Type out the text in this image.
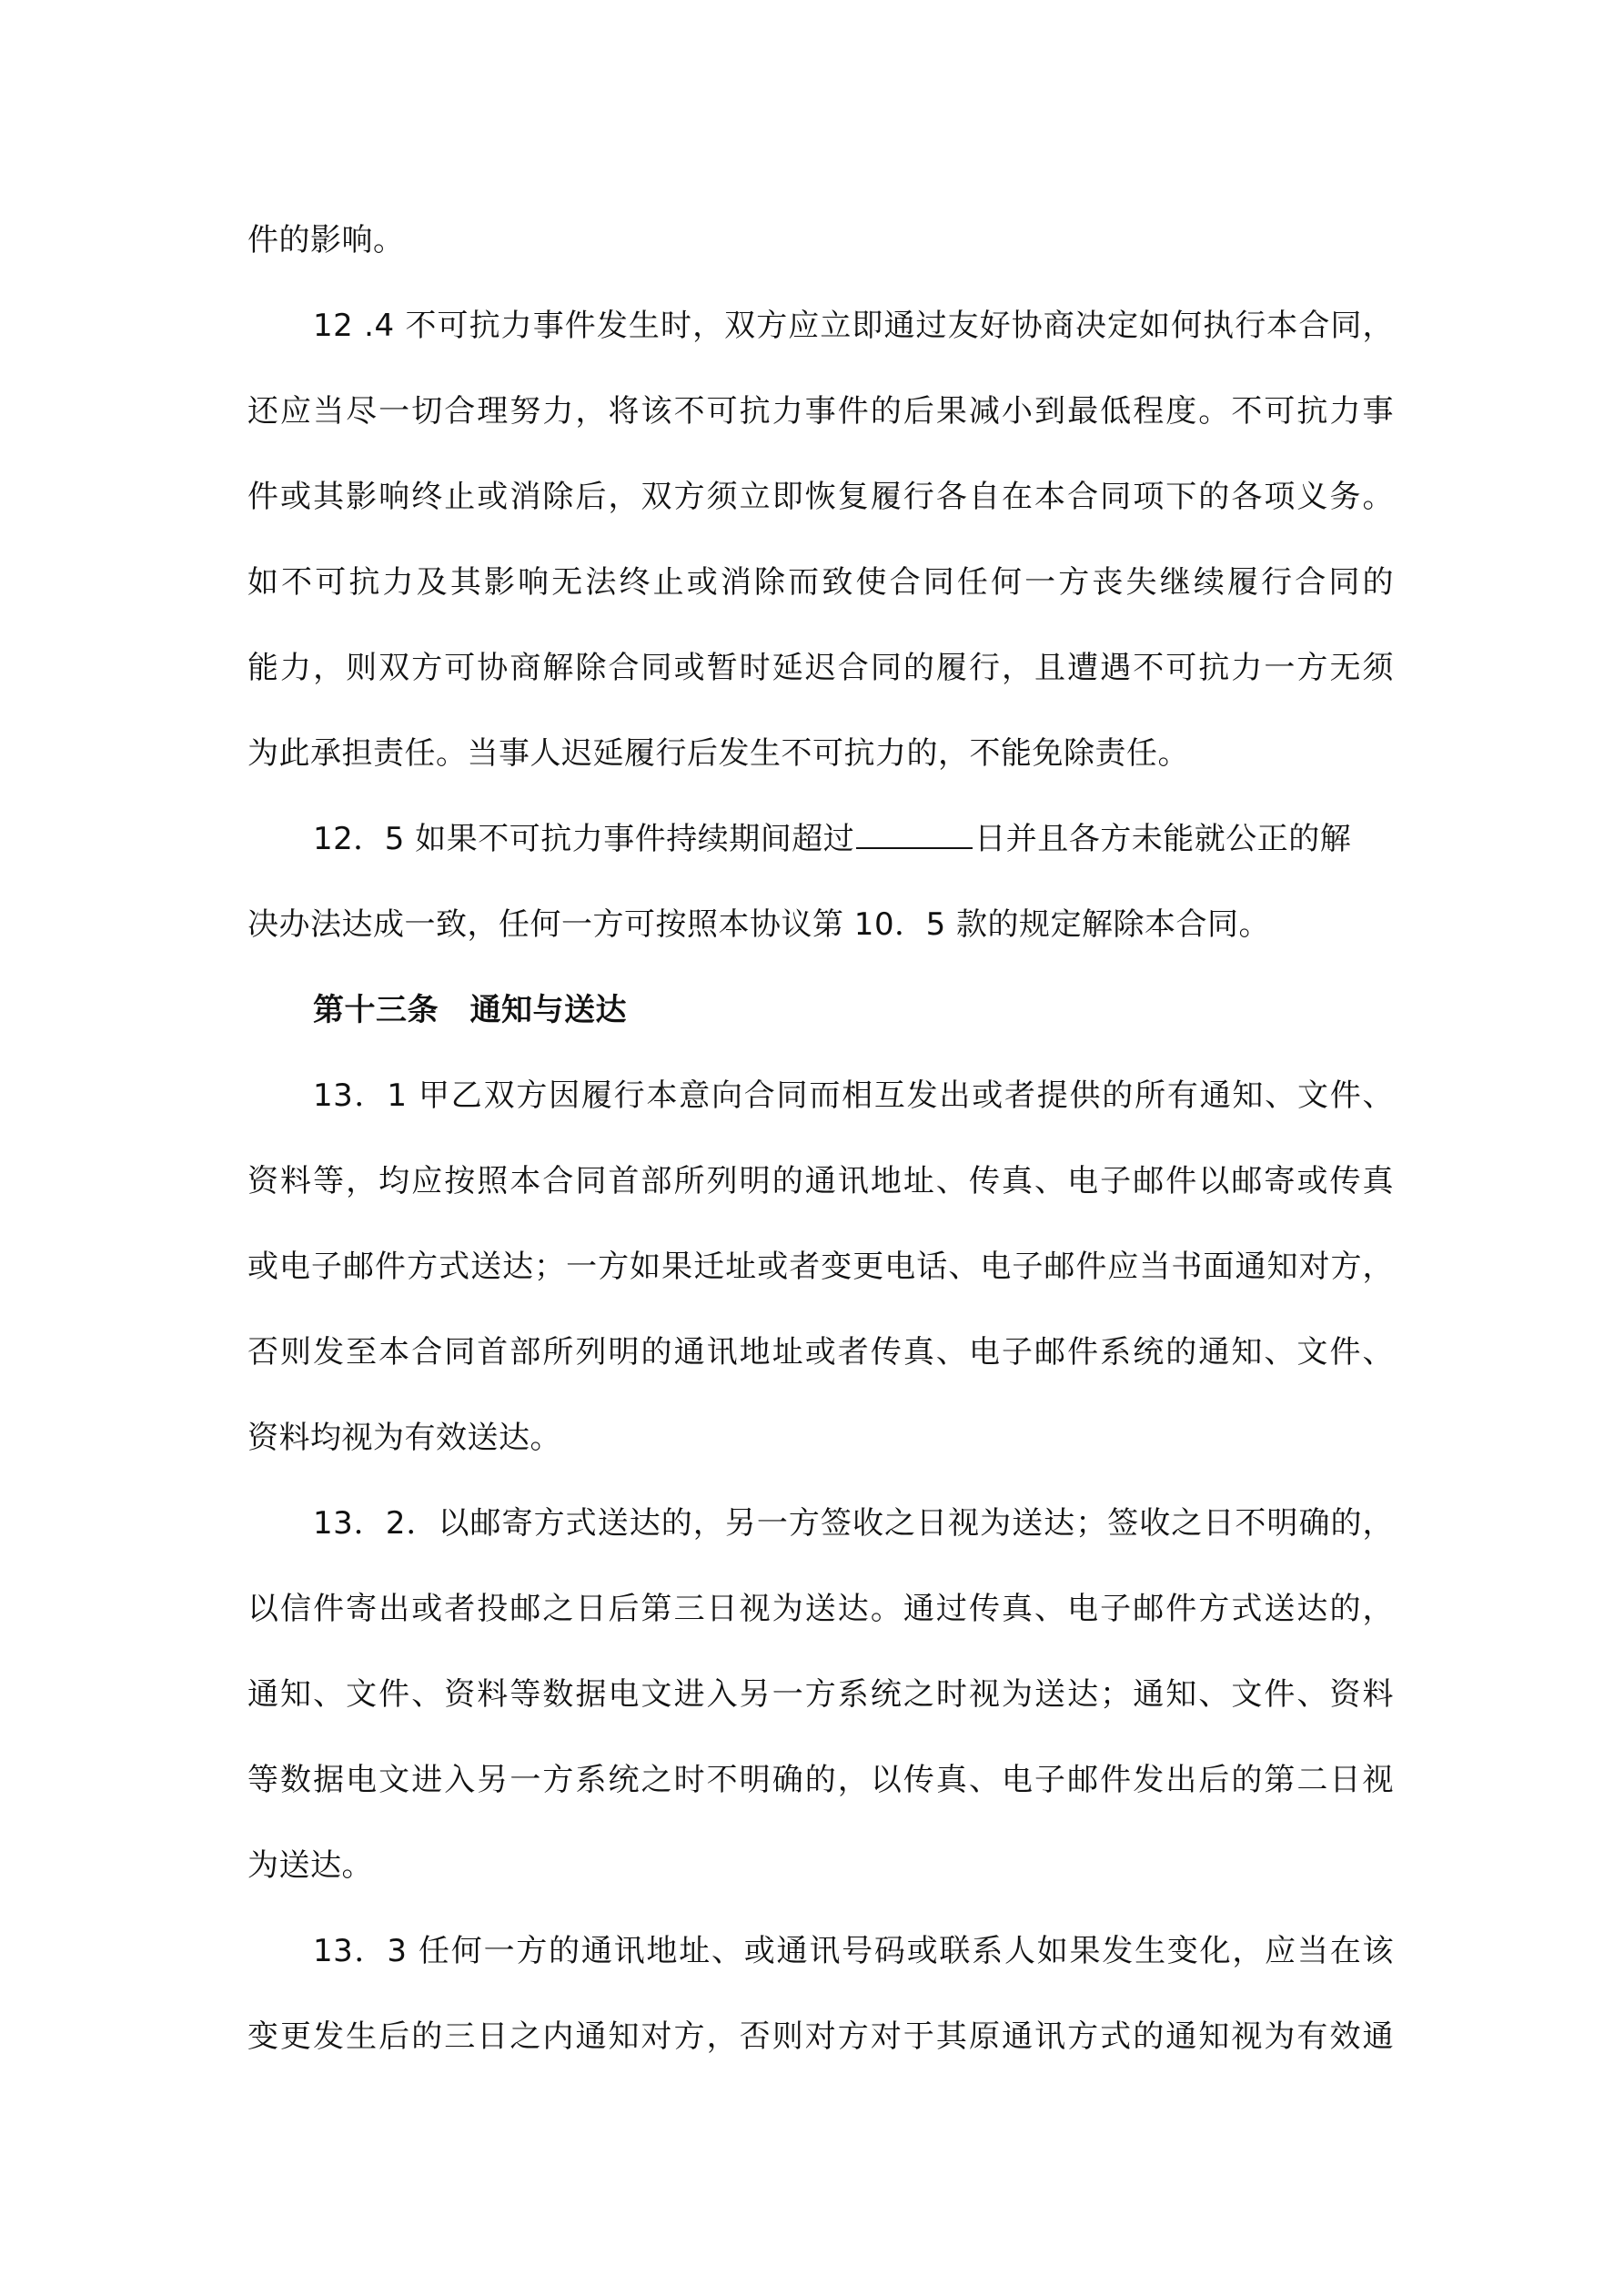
件的影响。
12 .4 不可抗力事件发生时，双方应立即通过友好协商决定如何执行本合同，
还应当尽一切合理努力，将该不可抗力事件的后果减小到最低程度。不可抗力事
件或其影响终止或消除后，双方须立即恢复履行各自在本合同项下的各项义务。
如不可抗力及其影响无法终止或消除而致使合同任何一方丧失继续履行合同的
能力，则双方可协商解除合同或暂时延迟合同的履行，且遭遇不可抗力一方无须
为此承担责任。当事人迟延履行后发生不可抗力的，不能免除责任。
12．5 如果不可抗力事件持续期间超过	日并且各方未能就公正的解
决办法达成一致，任何一方可按照本协议第 10．5 款的规定解除本合同。
第十三条　通知与送达
13．1 甲乙双方因履行本意向合同而相互发出或者提供的所有通知、文件、
资料等，均应按照本合同首部所列明的通讯地址、传真、电子邮件以邮寄或传真
或电子邮件方式送达；一方如果迁址或者变更电话、电子邮件应当书面通知对方，
否则发至本合同首部所列明的通讯地址或者传真、电子邮件系统的通知、文件、
资料均视为有效送达。
13．2．以邮寄方式送达的，另一方签收之日视为送达；签收之日不明确的，
以信件寄出或者投邮之日后第三日视为送达。通过传真、电子邮件方式送达的，
通知、文件、资料等数据电文进入另一方系统之时视为送达；通知、文件、资料
等数据电文进入另一方系统之时不明确的，以传真、电子邮件发出后的第二日视
为送达。
13．3 任何一方的通讯地址、或通讯号码或联系人如果发生变化，应当在该
变更发生后的三日之内通知对方，否则对方对于其原通讯方式的通知视为有效通
